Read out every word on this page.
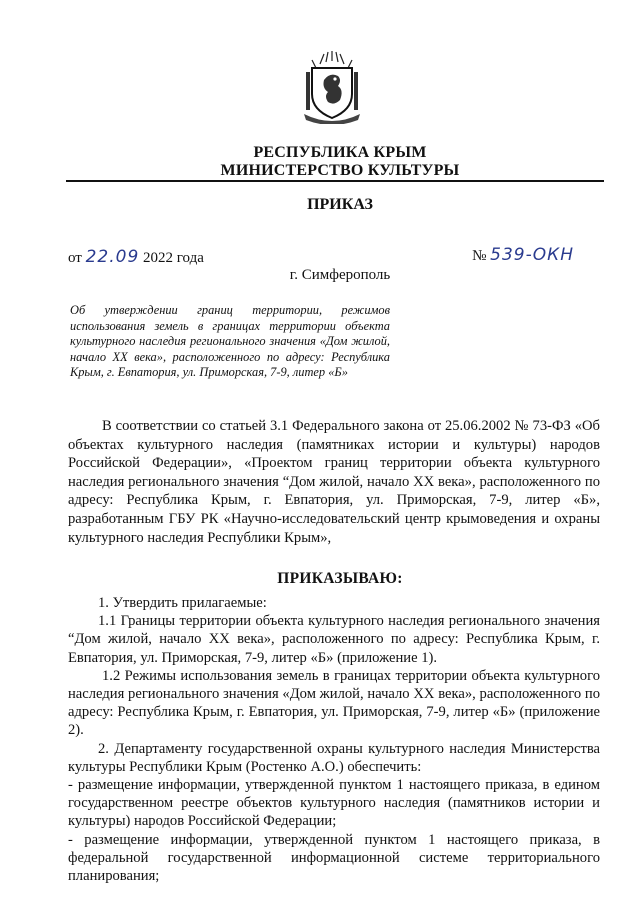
РЕСПУБЛИКА КРЫМ
МИНИСТЕРСТВО КУЛЬТУРЫ
ПРИКАЗ
от 22.09 2022 года	№ 539-ОКН
г. Симферополь
Об утверждении границ территории, режимов использования земель в границах территории объекта культурного наследия регионального значения «Дом жилой, начало XX века», расположенного по адресу: Республика Крым, г. Евпатория, ул. Приморская, 7-9, литер «Б»

В соответствии со статьей 3.1 Федерального закона от 25.06.2002 № 73-ФЗ «Об объектах культурного наследия (памятниках истории и культуры) народов Российской Федерации», «Проектом границ территории объекта культурного наследия регионального значения “Дом жилой, начало XX века», расположенного по адресу: Республика Крым, г. Евпатория, ул. Приморская, 7-9, литер «Б», разработанным ГБУ РК «Научно-исследовательский центр крымоведения и охраны культурного наследия Республики Крым»,

ПРИКАЗЫВАЮ:

1. Утвердить прилагаемые:

1.1 Границы территории объекта культурного наследия регионального значения “Дом жилой, начало XX века», расположенного по адресу: Республика Крым, г. Евпатория, ул. Приморская, 7-9, литер «Б» (приложение 1).

1.2 Режимы использования земель в границах территории объекта культурного наследия регионального значения «Дом жилой, начало XX века», расположенного по адресу: Республика Крым, г. Евпатория, ул. Приморская, 7-9, литер «Б» (приложение 2).

2. Департаменту государственной охраны культурного наследия Министерства культуры Республики Крым (Ростенко А.О.) обеспечить:

- размещение информации, утвержденной пунктом 1 настоящего приказа, в едином государственном реестре объектов культурного наследия (памятников истории и культуры) народов Российской Федерации;

- размещение информации, утвержденной пунктом 1 настоящего приказа, в федеральной государственной информационной системе территориального планирования;
